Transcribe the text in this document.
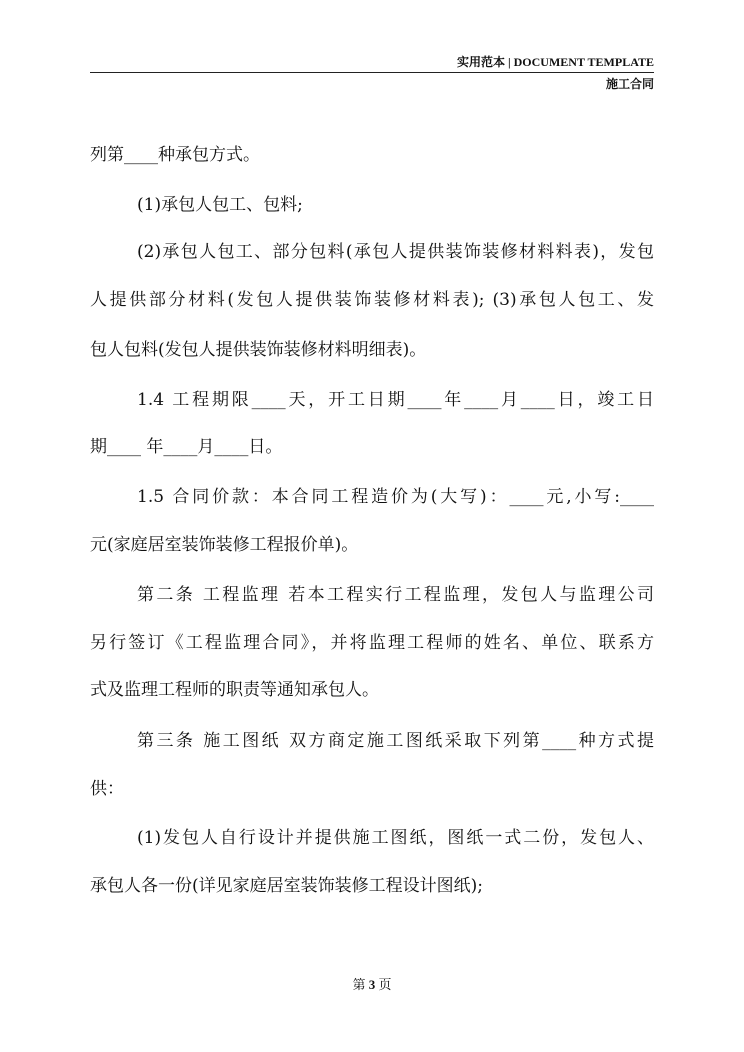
实用范本 | DOCUMENT TEMPLATE
施工合同
列第____种承包方式。
(1)承包人包工、包料;
(2)承包人包工、部分包料(承包人提供装饰装修材料料表)，发包
人提供部分材料(发包人提供装饰装修材料表); (3)承包人包工、发
包人包料(发包人提供装饰装修材料明细表)。
1.4 工程期限____天，开工日期____年____月____日，竣工日
期____ 年____月____日。
1.5 合同价款：本合同工程造价为(大写)：____元,小写:____
元(家庭居室装饰装修工程报价单)。
第二条 工程监理 若本工程实行工程监理，发包人与监理公司
另行签订《工程监理合同》，并将监理工程师的姓名、单位、联系方
式及监理工程师的职责等通知承包人。
第三条 施工图纸 双方商定施工图纸采取下列第____种方式提
供：
(1)发包人自行设计并提供施工图纸，图纸一式二份，发包人、
承包人各一份(详见家庭居室装饰装修工程设计图纸);
第 3 页
